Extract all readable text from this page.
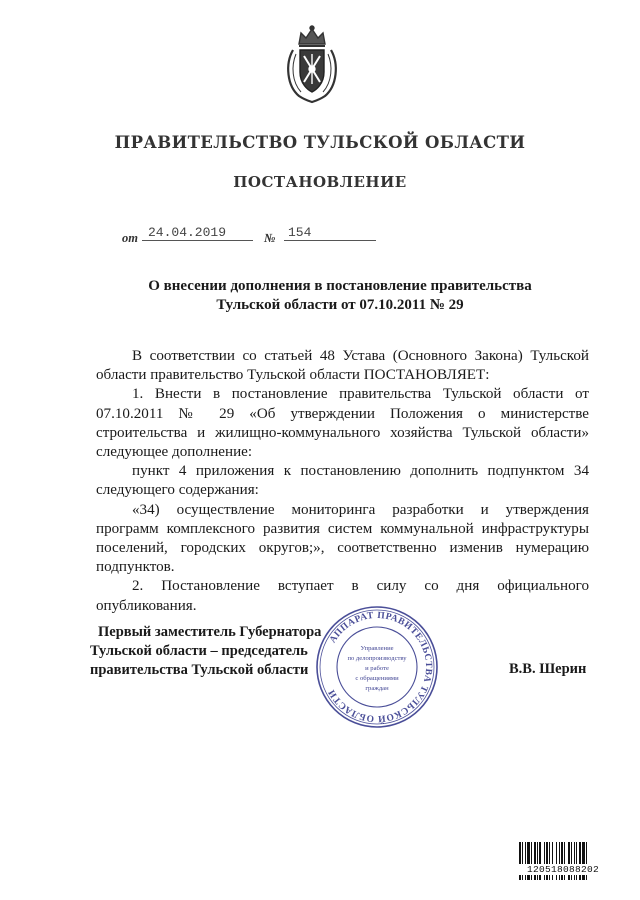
ПРАВИТЕЛЬСТВО ТУЛЬСКОЙ ОБЛАСТИ
ПОСТАНОВЛЕНИЕ
от 24.04.2019	№ 154
О внесении дополнения в постановление правительства
Тульской области от 07.10.2011 № 29

В соответствии со статьей 48 Устава (Основного Закона) Тульской области правительство Тульской области ПОСТАНОВЛЯЕТ:

1. Внести в постановление правительства Тульской области от 07.10.2011 № 29 «Об утверждении Положения о министерстве строительства и жилищно-коммунального хозяйства Тульской области» следующее дополнение:

пункт 4 приложения к постановлению дополнить подпунктом 34 следующего содержания:

«34) осуществление мониторинга разработки и утверждения программ комплексного развития систем коммунальной инфраструктуры поселений, городских округов;», соответственно изменив нумерацию подпунктов.

2. Постановление вступает в силу со дня официального опубликования.

Первый заместитель Губернатора
Тульской области – председатель
правительства Тульской области	В.В. Шерин
АППАРАТ ПРАВИТЕЛЬСТВА ТУЛЬСКОЙ ОБЛАСТИ
Управление
по делопроизводству
и работе
с обращениями
граждан
120518088202
